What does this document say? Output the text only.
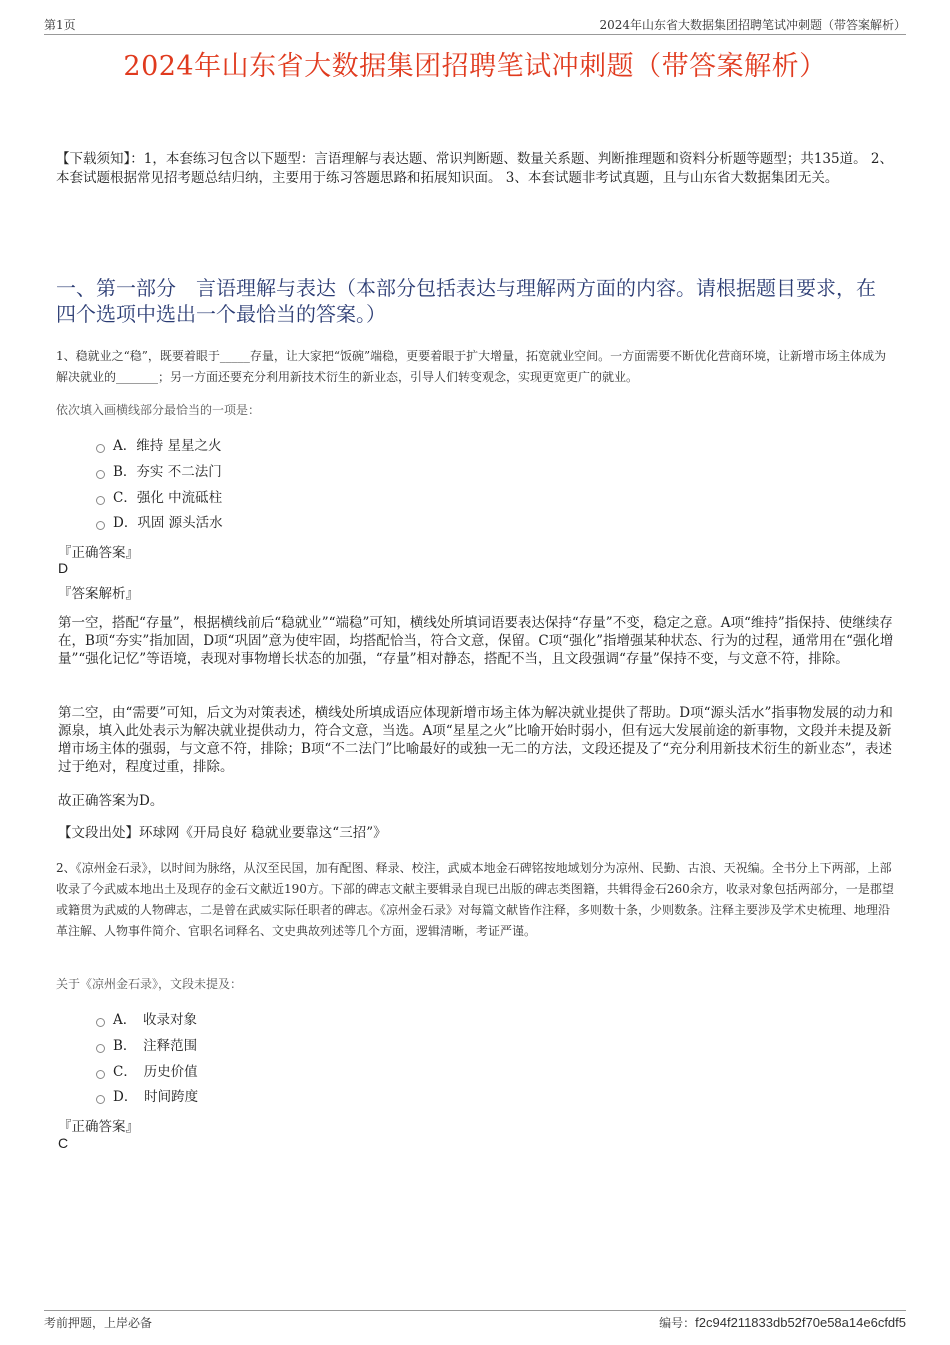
第1页	2024年山东省大数据集团招聘笔试冲刺题（带答案解析）
2024年山东省大数据集团招聘笔试冲刺题（带答案解析）
【下载须知】：1，本套练习包含以下题型：言语理解与表达题、常识判断题、数量关系题、判断推理题和资料分析题等题型；共135道。 2、本套试题根据常见招考题总结归纳，主要用于练习答题思路和拓展知识面。 3、本套试题非考试真题，且与山东省大数据集团无关。
一、第一部分　言语理解与表达（本部分包括表达与理解两方面的内容。请根据题目要求，在四个选项中选出一个最恰当的答案。）
1、稳就业之“稳”，既要着眼于_____存量，让大家把“饭碗”端稳，更要着眼于扩大增量，拓宽就业空间。一方面需要不断优化营商环境，让新增市场主体成为解决就业的_______；另一方面还要充分利用新技术衍生的新业态，引导人们转变观念，实现更宽更广的就业。
依次填入画横线部分最恰当的一项是：
A．维持 星星之火
B．夯实 不二法门
C．强化 中流砥柱
D．巩固 源头活水
『正确答案』
D
『答案解析』
第一空，搭配“存量”，根据横线前后“稳就业”“端稳”可知，横线处所填词语要表达保持“存量”不变，稳定之意。A项“维持”指保持、使继续存在，B项“夯实”指加固，D项“巩固”意为使牢固，均搭配恰当，符合文意，保留。C项“强化”指增强某种状态、行为的过程，通常用在“强化增量”“强化记忆”等语境，表现对事物增长状态的加强，“存量”相对静态，搭配不当，且文段强调“存量”保持不变，与文意不符，排除。
第二空，由“需要”可知，后文为对策表述，横线处所填成语应体现新增市场主体为解决就业提供了帮助。D项“源头活水”指事物发展的动力和源泉，填入此处表示为解决就业提供动力，符合文意，当选。A项“星星之火”比喻开始时弱小，但有远大发展前途的新事物，文段并未提及新增市场主体的强弱，与文意不符，排除；B项“不二法门”比喻最好的或独一无二的方法，文段还提及了“充分利用新技术衍生的新业态”，表述过于绝对，程度过重，排除。
故正确答案为D。
【文段出处】环球网《开局良好 稳就业要靠这“三招”》
2、《凉州金石录》，以时间为脉络，从汉至民国，加有配图、释录、校注，武威本地金石碑铭按地域划分为凉州、民勤、古浪、天祝编。全书分上下两部，上部收录了今武威本地出土及现存的金石文献近190方。下部的碑志文献主要辑录自现已出版的碑志类图籍，共辑得金石260余方，收录对象包括两部分，一是郡望或籍贯为武威的人物碑志，二是曾在武威实际任职者的碑志。《凉州金石录》对每篇文献皆作注释，多则数十条，少则数条。注释主要涉及学术史梳理、地理沿革注解、人物事件简介、官职名词释名、文史典故列述等几个方面，逻辑清晰，考证严谨。
关于《凉州金石录》，文段未提及：
A．　收录对象
B．　注释范围
C．　历史价值
D．　时间跨度
『正确答案』
C
考前押题，上岸必备	编号：f2c94f211833db52f70e58a14e6cfdf5
